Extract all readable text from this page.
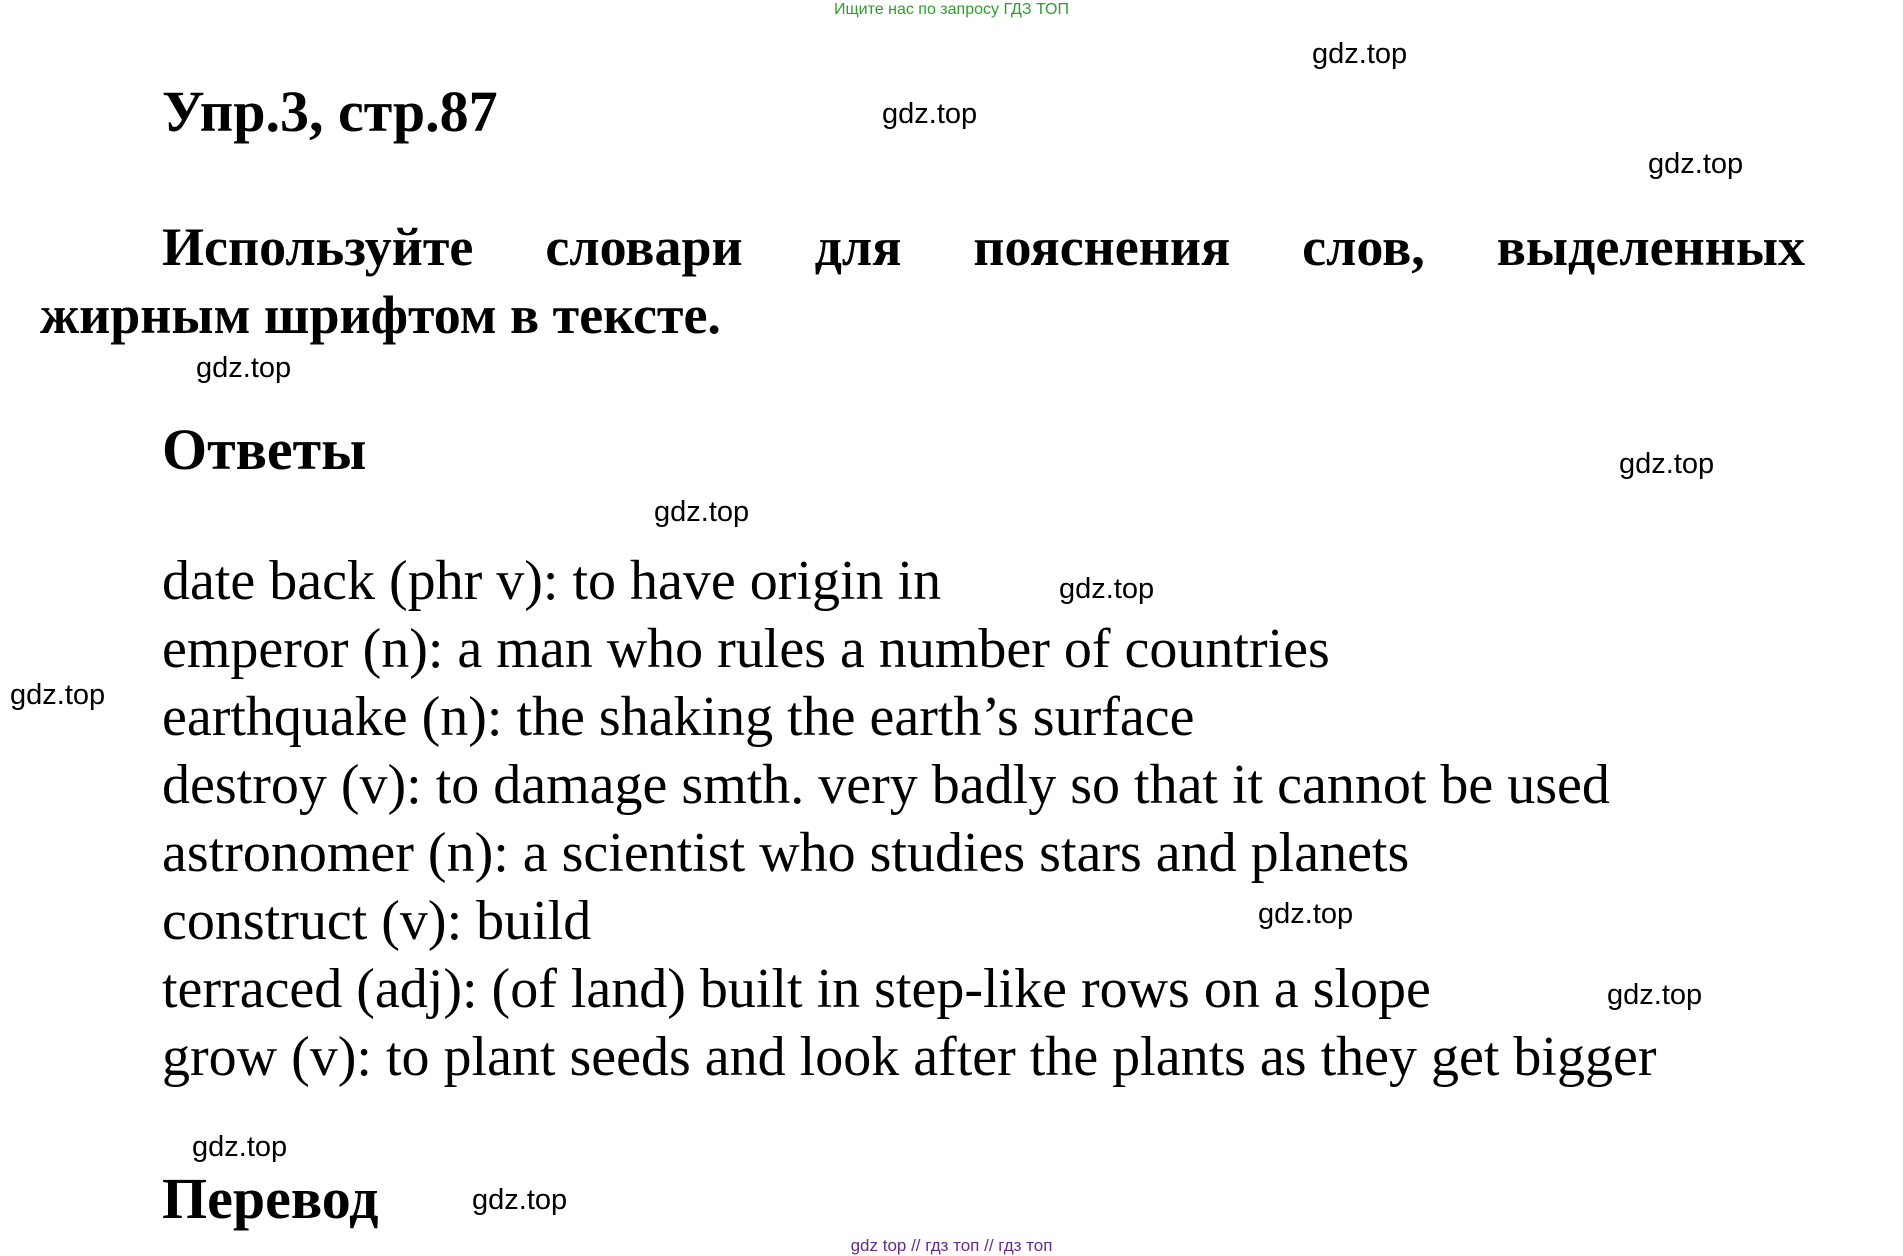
Ищите нас по запросу ГДЗ ТОП
Упр.3, стр.87

Используйте словари для пояснения слов, выделенных
жирным шрифтом в тексте.

Ответы
date back (phr v): to have origin in
emperor (n): a man who rules a number of countries
earthquake (n): the shaking the earth’s surface
destroy (v): to damage smth. very badly so that it cannot be used
astronomer (n): a scientist who studies stars and planets
construct (v): build
terraced (adj): (of land) built in step-like rows on a slope
grow (v): to plant seeds and look after the plants as they get bigger
Перевод
gdz.top
gdz.top
gdz.top
gdz.top
gdz.top
gdz.top
gdz.top
gdz.top
gdz.top
gdz.top
gdz.top
gdz.top
gdz top // гдз топ // гдз топ
